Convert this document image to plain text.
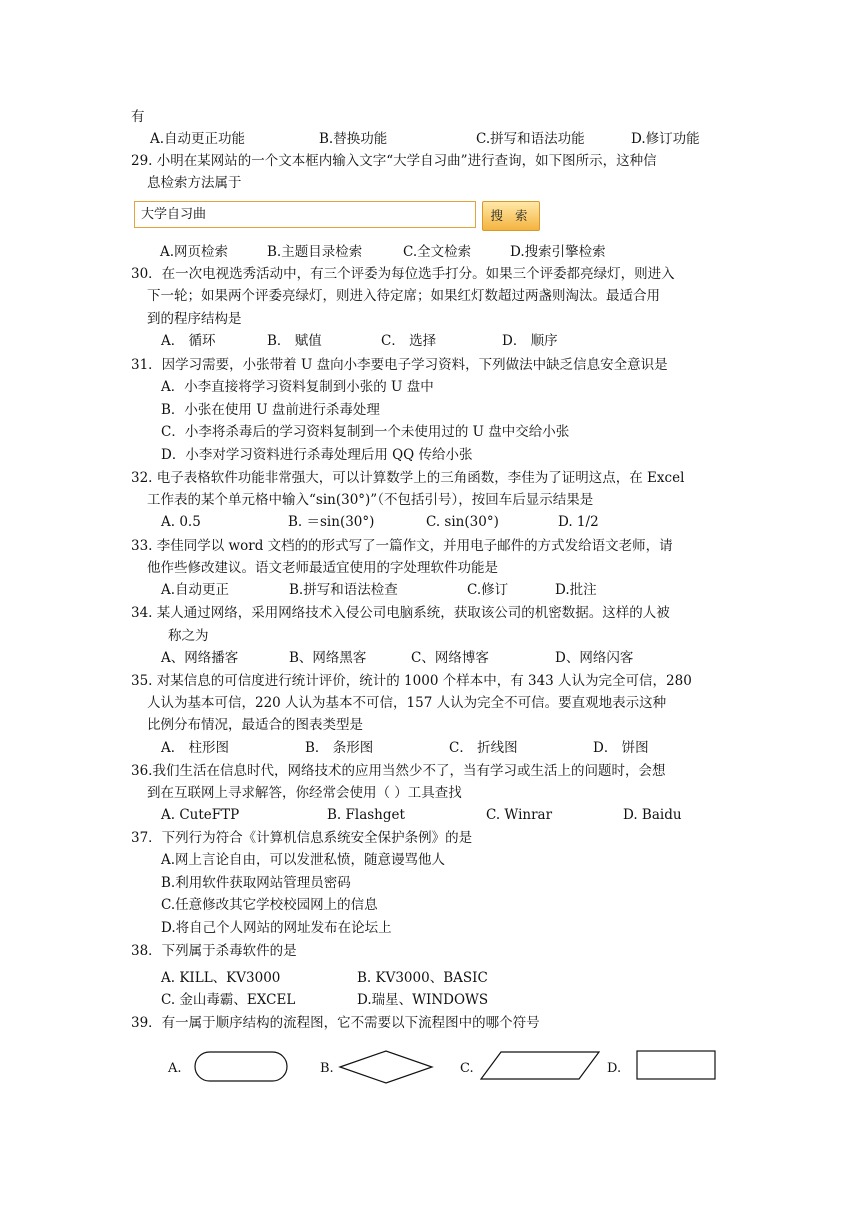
有
A.自动更正功能	B.替换功能	C.拼写和语法功能	D.修订功能
29. 小明在某网站的一个文本框内输入文字“大学自习曲”进行查询，如下图所示，这种信
息检索方法属于
大学自习曲	搜 索
A.网页检索	B.主题目录检索	C.全文检索	D.搜索引擎检索
30．在一次电视选秀活动中，有三个评委为每位选手打分。如果三个评委都亮绿灯，则进入
下一轮；如果两个评委亮绿灯，则进入待定席；如果红灯数超过两盏则淘汰。最适合用
到的程序结构是
A． 循环	B． 赋值	C． 选择	D． 顺序
31．因学习需要，小张带着 U 盘向小李要电子学习资料，下列做法中缺乏信息安全意识是
A．小李直接将学习资料复制到小张的 U 盘中
B．小张在使用 U 盘前进行杀毒处理
C．小李将杀毒后的学习资料复制到一个未使用过的 U 盘中交给小张
D．小李对学习资料进行杀毒处理后用 QQ 传给小张
32. 电子表格软件功能非常强大，可以计算数学上的三角函数，李佳为了证明这点，在 Excel
工作表的某个单元格中输入“sin(30°)”（不包括引号），按回车后显示结果是
A. 0.5	B. ＝sin(30°)	C. sin(30°)	D. 1/2
33. 李佳同学以 word 文档的的形式写了一篇作文，并用电子邮件的方式发给语文老师，请
他作些修改建议。语文老师最适宜使用的字处理软件功能是
A.自动更正	B.拼写和语法检查	C.修订	D.批注
34. 某人通过网络，采用网络技术入侵公司电脑系统，获取该公司的机密数据。这样的人被
称之为
A、网络播客	B、网络黑客	C、网络博客	D、网络闪客
35. 对某信息的可信度进行统计评价，统计的 1000 个样本中，有 343 人认为完全可信，280
人认为基本可信，220 人认为基本不可信，157 人认为完全不可信。要直观地表示这种
比例分布情况，最适合的图表类型是
A． 柱形图	B． 条形图	C． 折线图	D． 饼图
36.我们生活在信息时代，网络技术的应用当然少不了，当有学习或生活上的问题时，会想
到在互联网上寻求解答，你经常会使用（ ）工具查找
A. CuteFTP	B. Flashget	C. Winrar	D. Baidu
37．下列行为符合《计算机信息系统安全保护条例》的是
A.网上言论自由，可以发泄私愤，随意谩骂他人
B.利用软件获取网站管理员密码
C.任意修改其它学校校园网上的信息
D.将自己个人网站的网址发布在论坛上
38．下列属于杀毒软件的是
A. KILL、KV3000	B. KV3000、BASIC
C. 金山毒霸、EXCEL	D.瑞星、WINDOWS
39．有一属于顺序结构的流程图，它不需要以下流程图中的哪个符号
A.	B.	C.	D.
